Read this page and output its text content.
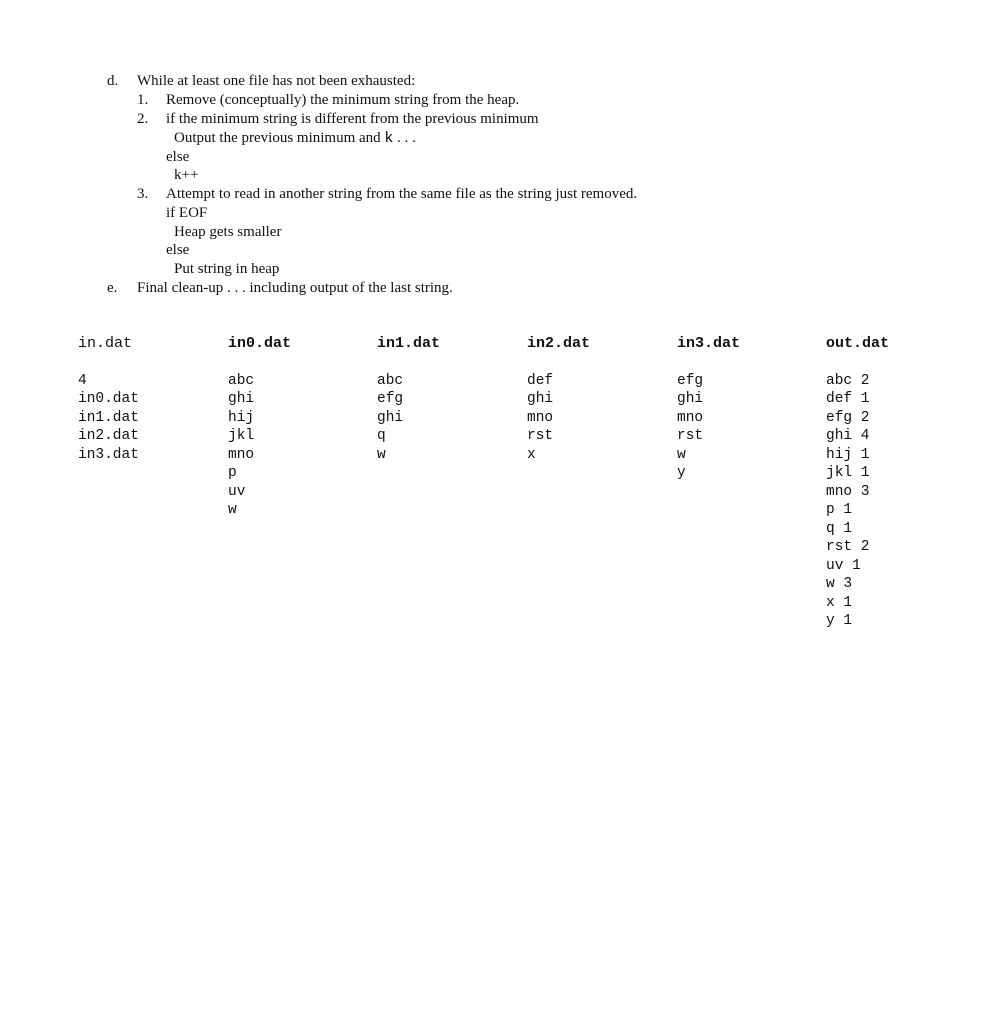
d. While at least one file has not been exhausted:
1. Remove (conceptually) the minimum string from the heap.
2. if the minimum string is different from the previous minimum
Output the previous minimum and k . . .
else
k++
3. Attempt to read in another string from the same file as the string just removed.
if EOF
Heap gets smaller
else
Put string in heap
e. Final clean-up . . . including output of the last string.
in.dat
4
in0.dat
in1.dat
in2.dat
in3.dat
in0.dat
abc
ghi
hij
jkl
mno
p
uv
w
in1.dat
abc
efg
ghi
q
w
in2.dat
def
ghi
mno
rst
x
in3.dat
efg
ghi
mno
rst
w
y
out.dat
abc 2
def 1
efg 2
ghi 4
hij 1
jkl 1
mno 3
p 1
q 1
rst 2
uv 1
w 3
x 1
y 1
